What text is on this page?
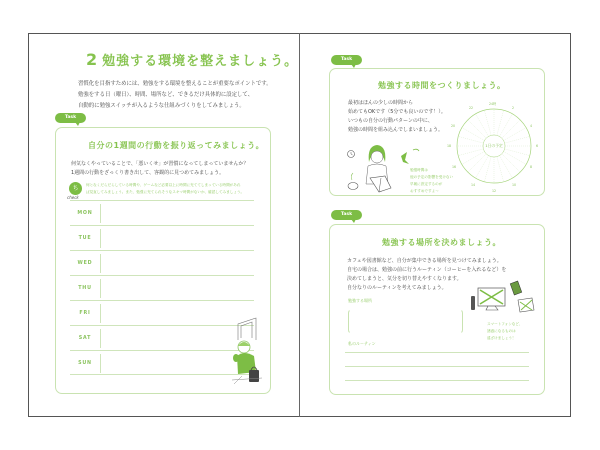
2 勉強する環境を整えましょう。
習慣化を目指すためには、勉強をする環境を整えることが重要なポイントです。
勉強をする日（曜日）、時間、場所など、できるだけ具体的に設定して、
自動的に勉強スイッチが入るような仕組みづくりをしてみましょう。
Task
自分の1週間の行動を振り返ってみましょう。
何気なくやっていることで、「悪いくせ」が習慣になってしまっていませんか？
1週間の行動をざっくり書き出して、客観的に見つめてみましょう。
ち
check
何となくだらだらしている時間や、ゲームなど必要以上に時間に充ててしまっている時間があれ
ば見直してみましょう。また、勉強に充てられそうなスキマ時間がないか、確認してみましょう。
MON
TUE
WED
THU
FRI
SAT
SUN
Task
勉強する時間をつくりましょう。
最初はほんの少しの時間から
始めてもOKです（5分でも良いのです！）。
いつもの自分の行動パターンの中に、
勉強の時間を組み込んでしまいましょう。
勉強時間は
他の予定の影響を受けない
早朝に設定するのが
おすすめですよ～
1日の予定
24時
2
4
6
8
10
12
14
16
18
20
22
Task
勉強する場所を決めましょう。
カフェや図書館など、自分が集中できる場所を見つけてみましょう。
自宅の場合は、勉強の前に行うルーティン（コーヒーを入れるなど）を
決めてしまうと、気分を切り替えやすくなります。
自分なりのルーティンを考えてみましょう。
勉強する場所
私のルーティン
スマートフォンなど、
誘惑になるものは
遠ざけましょう！
